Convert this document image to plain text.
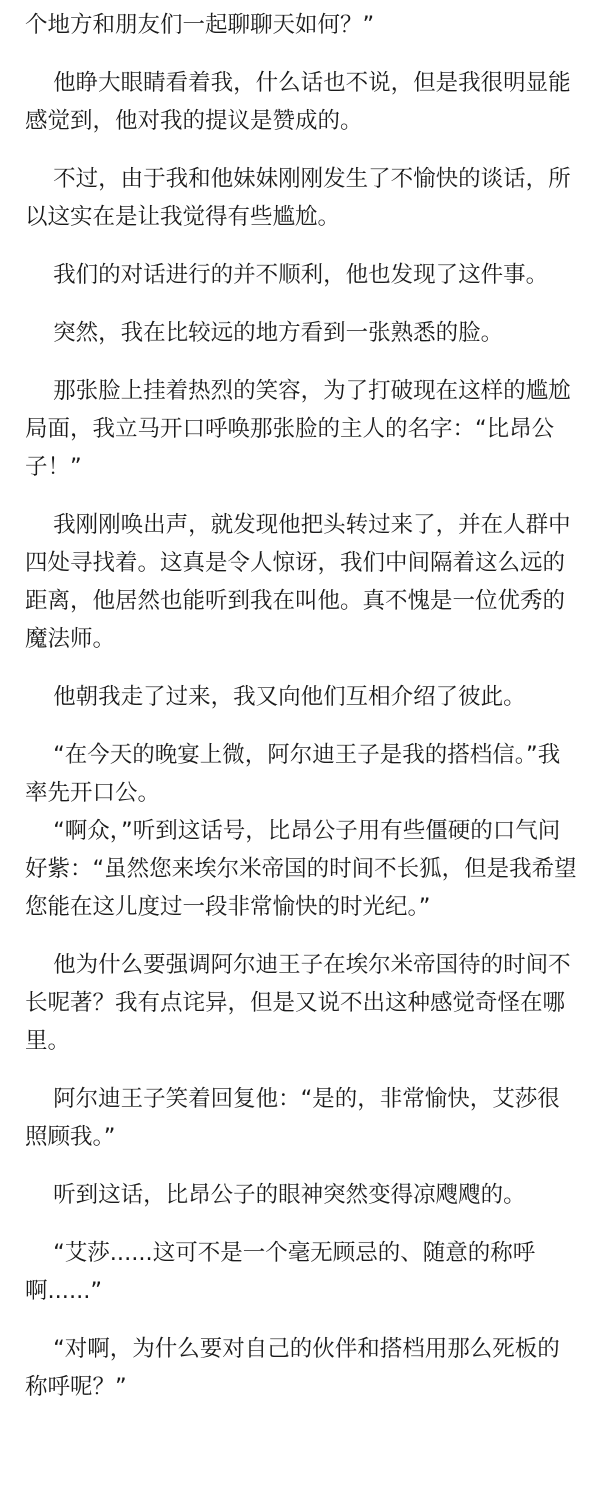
个地方和朋友们一起聊聊天如何？”

他睁大眼睛看着我，什么话也不说，但是我很明显能感觉到，他对我的提议是赞成的。

不过，由于我和他妹妹刚刚发生了不愉快的谈话，所以这实在是让我觉得有些尴尬。

我们的对话进行的并不顺利，他也发现了这件事。

突然，我在比较远的地方看到一张熟悉的脸。

那张脸上挂着热烈的笑容，为了打破现在这样的尴尬局面，我立马开口呼唤那张脸的主人的名字：“比昂公子！”

我刚刚唤出声，就发现他把头转过来了，并在人群中四处寻找着。这真是令人惊讶，我们中间隔着这么远的距离，他居然也能听到我在叫他。真不愧是一位优秀的魔法师。

他朝我走了过来，我又向他们互相介绍了彼此。

“在今天的晚宴上微，阿尔迪王子是我的搭档信。”我率先开口公。

“啊众，”听到这话号，比昂公子用有些僵硬的口气问好紫：“虽然您来埃尔米帝国的时间不长狐，但是我希望您能在这儿度过一段非常愉快的时光纪。”

他为什么要强调阿尔迪王子在埃尔米帝国待的时间不长呢著？我有点诧异，但是又说不出这种感觉奇怪在哪里。

阿尔迪王子笑着回复他：“是的，非常愉快，艾莎很照顾我。”

听到这话，比昂公子的眼神突然变得凉飕飕的。

“艾莎......这可不是一个毫无顾忌的、随意的称呼啊......”

“对啊，为什么要对自己的伙伴和搭档用那么死板的称呼呢？”
